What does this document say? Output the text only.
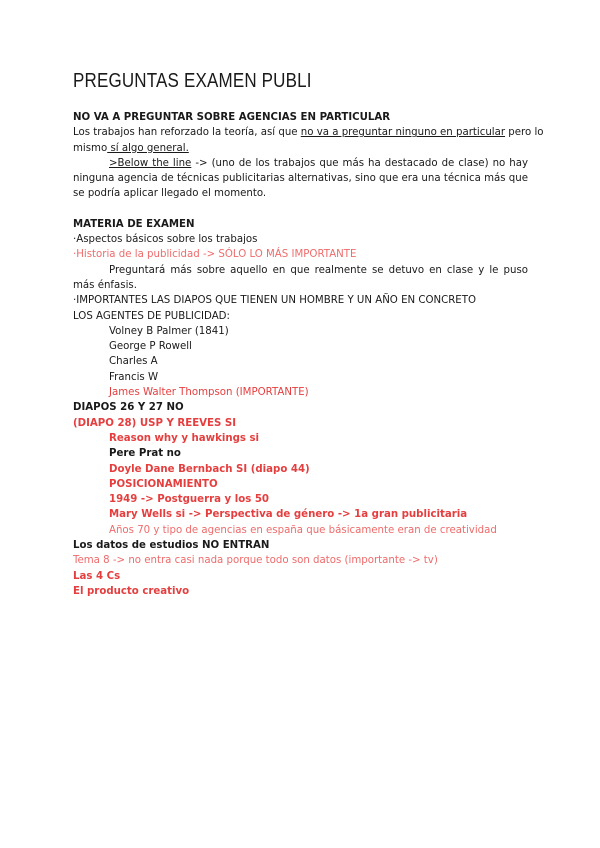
PREGUNTAS EXAMEN PUBLI
NO VA A PREGUNTAR SOBRE AGENCIAS EN PARTICULAR
Los trabajos han reforzado la teoría, así que no va a preguntar ninguno en particular pero lo
mismo sí algo general.
>Below the line -> (uno de los trabajos que más ha destacado de clase) no hay ninguna agencia de técnicas publicitarias alternativas, sino que era una técnica más que se podría aplicar llegado el momento.
MATERIA DE EXAMEN
·Aspectos básicos sobre los trabajos
·Historia de la publicidad -> SÓLO LO MÁS IMPORTANTE
Preguntará más sobre aquello en que realmente se detuvo en clase y le puso más énfasis.
·IMPORTANTES LAS DIAPOS QUE TIENEN UN HOMBRE Y UN AÑO EN CONCRETO
LOS AGENTES DE PUBLICIDAD:
Volney B Palmer (1841)
George P Rowell
Charles A
Francis W
James Walter Thompson (IMPORTANTE)
DIAPOS 26 Y 27 NO
(DIAPO 28) USP Y REEVES SI
Reason why y hawkings si
Pere Prat no
Doyle Dane Bernbach SI (diapo 44)
POSICIONAMIENTO
1949 -> Postguerra y los 50
Mary Wells si -> Perspectiva de género -> 1a gran publicitaria
Años 70 y tipo de agencias en españa que básicamente eran de creatividad
Los datos de estudios NO ENTRAN
Tema 8 -> no entra casi nada porque todo son datos (importante -> tv)
Las 4 Cs
El producto creativo
